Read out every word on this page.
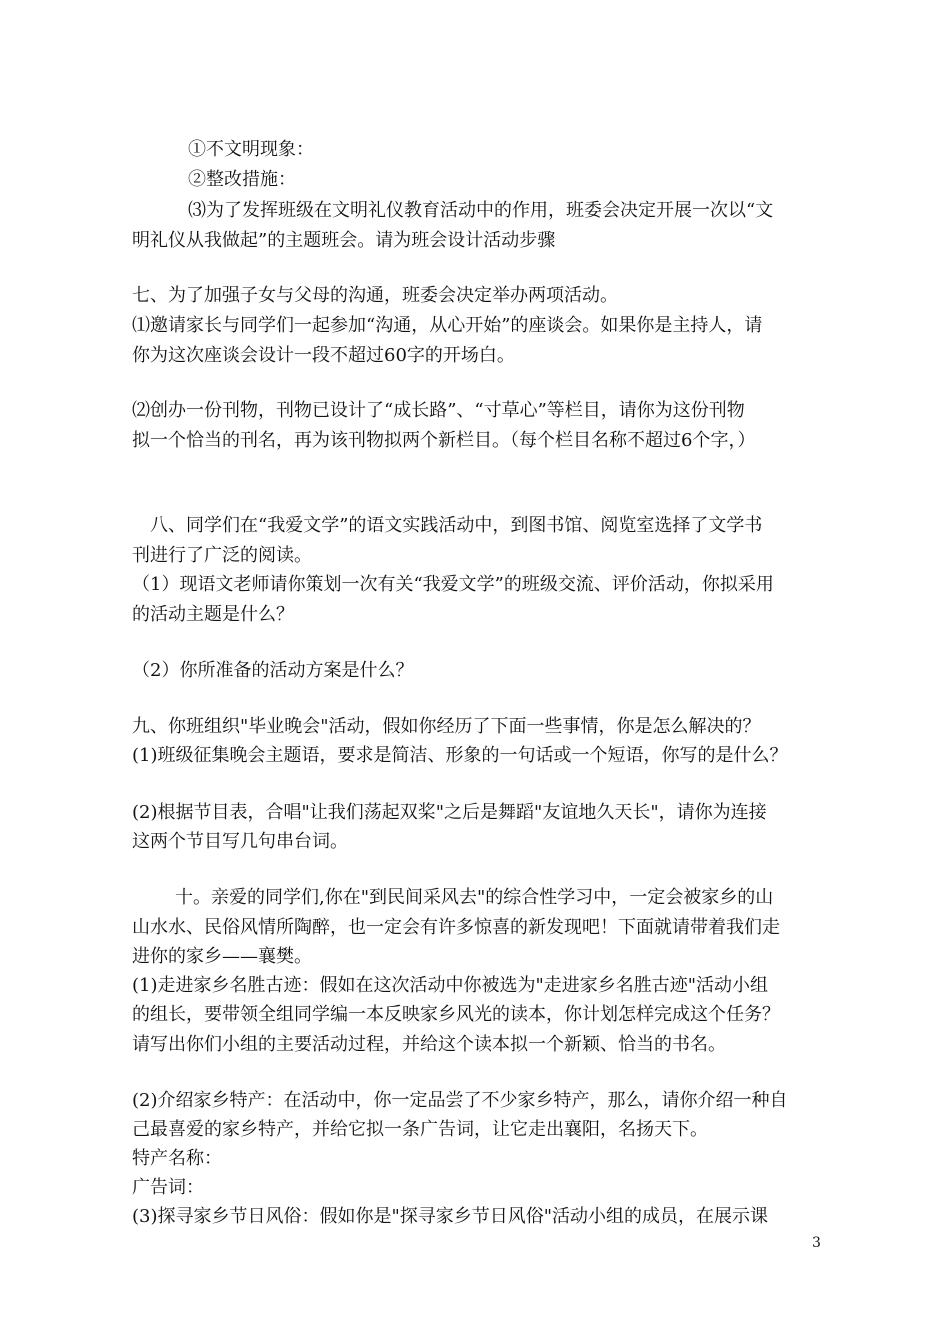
①不文明现象：
②整改措施：
⑶为了发挥班级在文明礼仪教育活动中的作用，班委会决定开展一次以“文
明礼仪从我做起”的主题班会。请为班会设计活动步骤
七、为了加强子女与父母的沟通，班委会决定举办两项活动。
⑴邀请家长与同学们一起参加“沟通，从心开始”的座谈会。如果你是主持人，请
你为这次座谈会设计一段不超过60字的开场白。
⑵创办一份刊物，刊物已设计了“成长路”、“寸草心”等栏目，请你为这份刊物
拟一个恰当的刊名，再为该刊物拟两个新栏目。（每个栏目名称不超过6个字，）
八、同学们在“我爱文学”的语文实践活动中，到图书馆、阅览室选择了文学书
刊进行了广泛的阅读。
（1）现语文老师请你策划一次有关“我爱文学”的班级交流、评价活动，你拟采用
的活动主题是什么？
（2）你所准备的活动方案是什么？
九、你班组织"毕业晚会"活动，假如你经历了下面一些事情，你是怎么解决的？
(1)班级征集晚会主题语，要求是简洁、形象的一句话或一个短语，你写的是什么？
(2)根据节目表，合唱"让我们荡起双桨"之后是舞蹈"友谊地久天长"，请你为连接
这两个节目写几句串台词。
十。亲爱的同学们,你在"到民间采风去"的综合性学习中，一定会被家乡的山
山水水、民俗风情所陶醉，也一定会有许多惊喜的新发现吧！下面就请带着我们走
进你的家乡——襄樊。
(1)走进家乡名胜古迹：假如在这次活动中你被选为"走进家乡名胜古迹"活动小组
的组长，要带领全组同学编一本反映家乡风光的读本，你计划怎样完成这个任务？
请写出你们小组的主要活动过程，并给这个读本拟一个新颖、恰当的书名。
(2)介绍家乡特产：在活动中，你一定品尝了不少家乡特产，那么，请你介绍一种自
己最喜爱的家乡特产，并给它拟一条广告词，让它走出襄阳，名扬天下。
特产名称：
广告词：
(3)探寻家乡节日风俗：假如你是"探寻家乡节日风俗"活动小组的成员，在展示课
3
